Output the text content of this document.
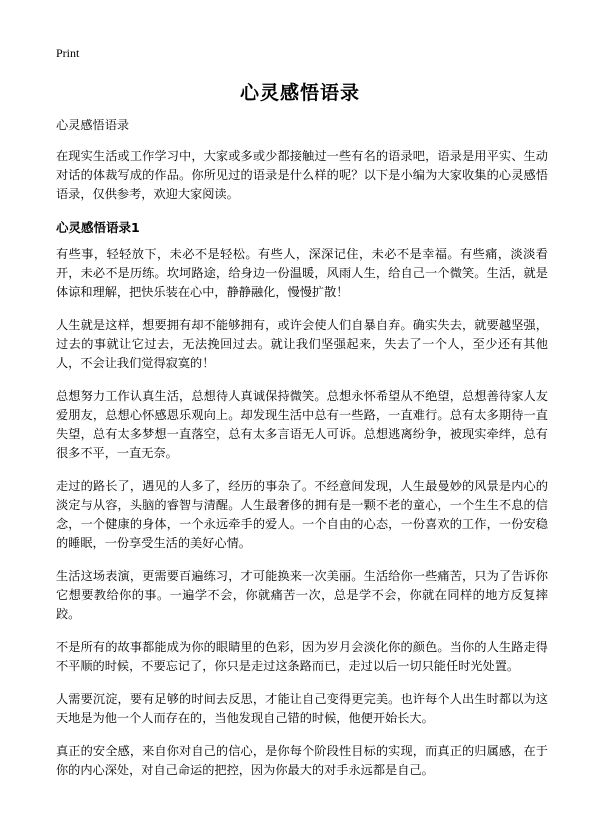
Print
心灵感悟语录

心灵感悟语录

在现实生活或工作学习中，大家或多或少都接触过一些有名的语录吧，语录是用平实、生动对话的体裁写成的作品。你所见过的语录是什么样的呢？以下是小编为大家收集的心灵感悟语录，仅供参考，欢迎大家阅读。

心灵感悟语录1

有些事，轻轻放下，未必不是轻松。有些人，深深记住，未必不是幸福。有些痛，淡淡看开，未必不是历练。坎坷路途，给身边一份温暖，风雨人生，给自己一个微笑。生活，就是体谅和理解，把快乐装在心中，静静融化，慢慢扩散！

人生就是这样，想要拥有却不能够拥有，或许会使人们自暴自弃。确实失去，就要越坚强，过去的事就让它过去，无法挽回过去。就让我们坚强起来，失去了一个人，至少还有其他人，不会让我们觉得寂寞的！

总想努力工作认真生活，总想待人真诚保持微笑。总想永怀希望从不绝望，总想善待家人友爱朋友，总想心怀感恩乐观向上。却发现生活中总有一些路，一直难行。总有太多期待一直失望，总有太多梦想一直落空，总有太多言语无人可诉。总想逃离纷争，被现实牵绊，总有很多不平，一直无奈。

走过的路长了，遇见的人多了，经历的事杂了。不经意间发现，人生最曼妙的风景是内心的淡定与从容，头脑的睿智与清醒。人生最奢侈的拥有是一颗不老的童心，一个生生不息的信念，一个健康的身体，一个永远牵手的爱人。一个自由的心态，一份喜欢的工作，一份安稳的睡眠，一份享受生活的美好心情。

生活这场表演，更需要百遍练习，才可能换来一次美丽。生活给你一些痛苦，只为了告诉你它想要教给你的事。一遍学不会，你就痛苦一次，总是学不会，你就在同样的地方反复摔跤。

不是所有的故事都能成为你的眼睛里的色彩，因为岁月会淡化你的颜色。当你的人生路走得不平顺的时候，不要忘记了，你只是走过这条路而已，走过以后一切只能任时光处置。

人需要沉淀，要有足够的时间去反思，才能让自己变得更完美。也许每个人出生时都以为这天地是为他一个人而存在的，当他发现自己错的时候，他便开始长大。

真正的安全感，来自你对自己的信心，是你每个阶段性目标的实现，而真正的归属感，在于你的内心深处，对自己命运的把控，因为你最大的对手永远都是自己。
